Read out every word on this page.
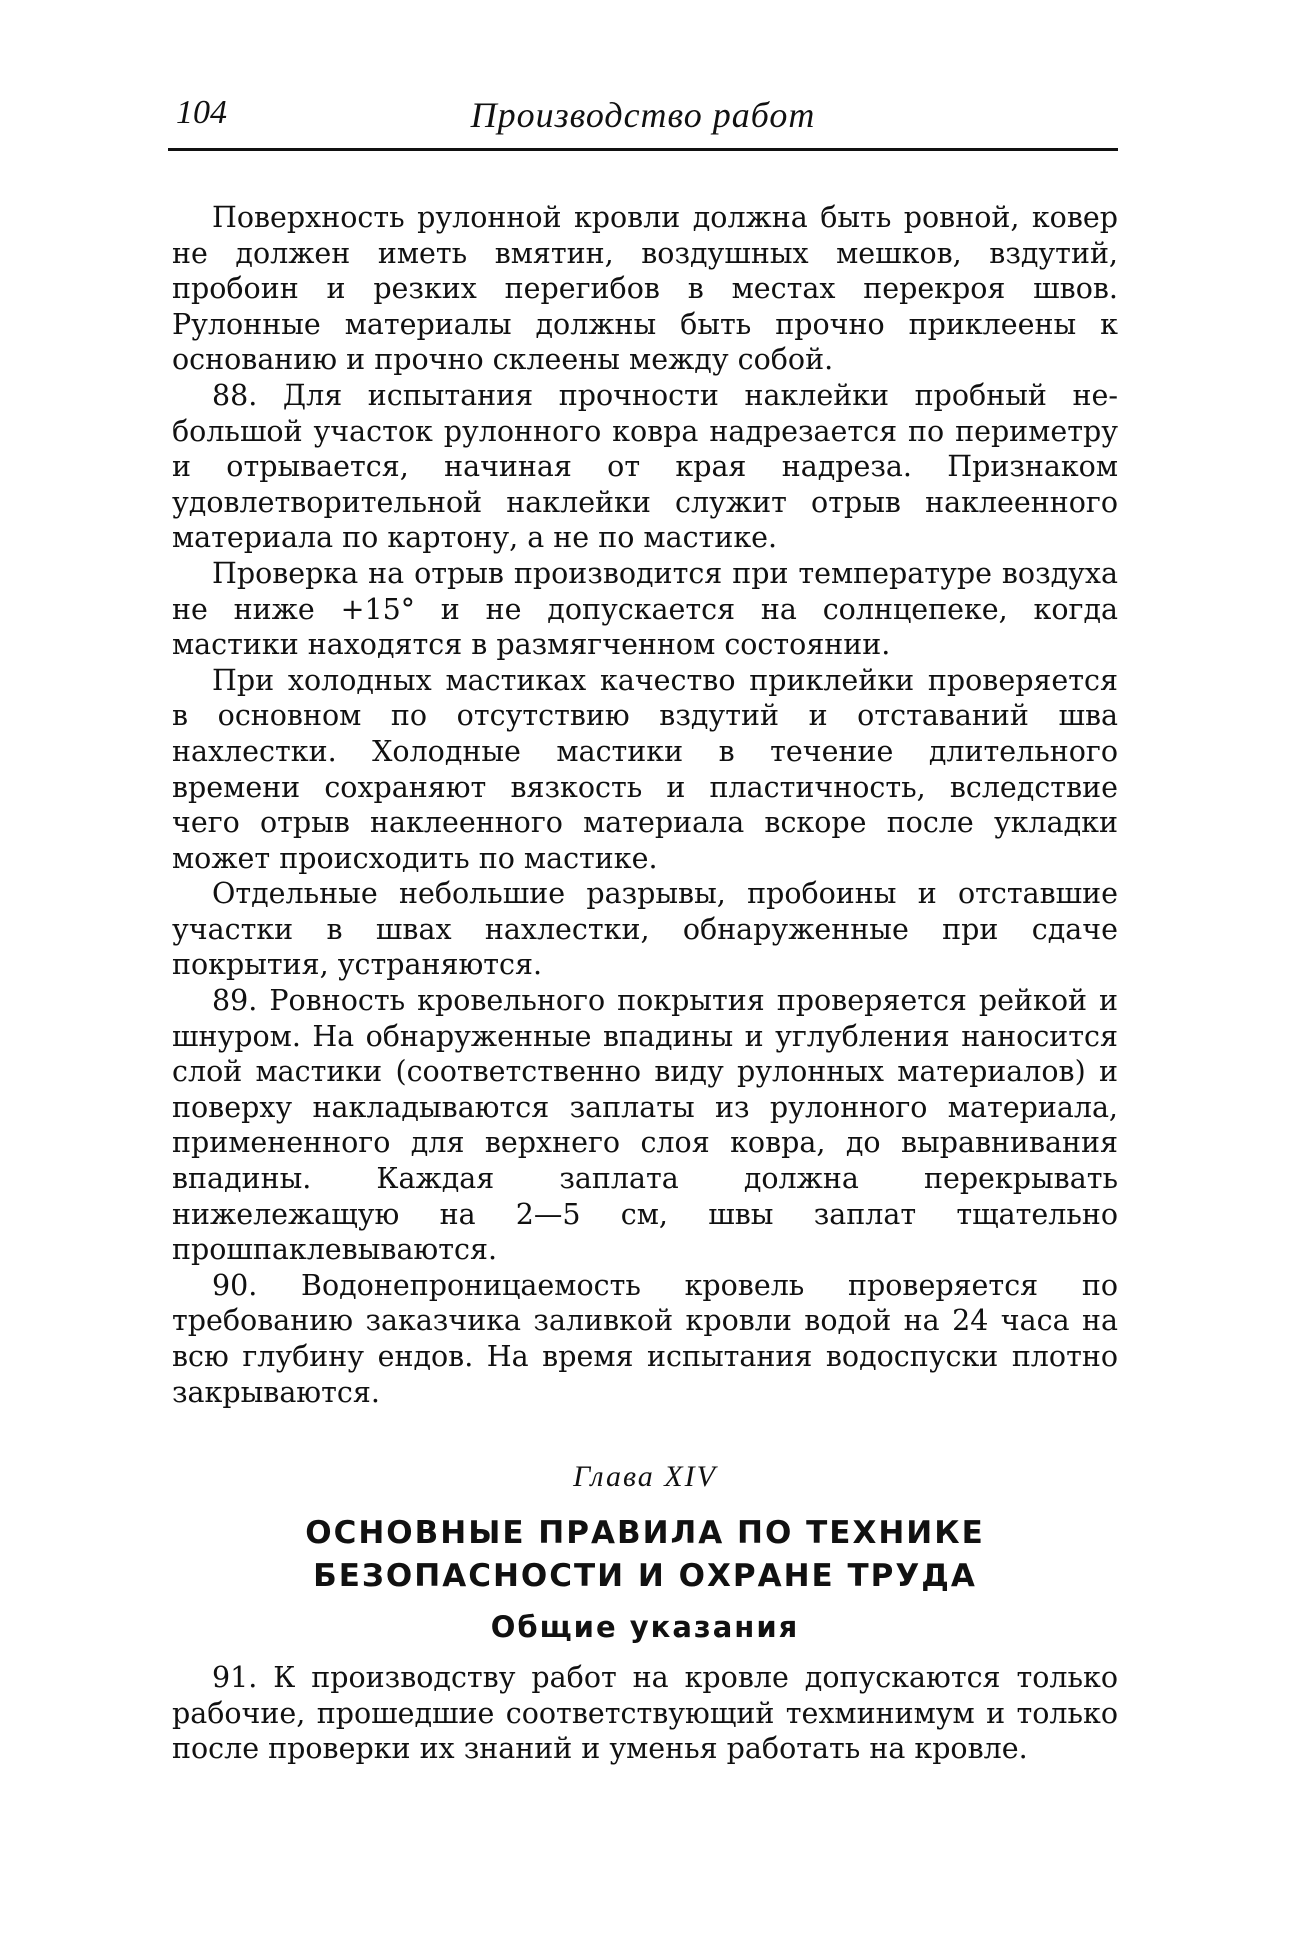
104	Производство работ

Поверхность рулонной кровли должна быть ровной, ковер не должен иметь вмятин, воздушных мешков, вздутий, пробоин и резких перегибов в местах перекроя швов. Рулонные материалы должны быть прочно приклеены к основанию и прочно склеены между собой.

88. Для испытания прочности наклейки пробный небольшой участок рулонного ковра надрезается по периметру и отрывается, начиная от края надреза. Признаком удовлетворительной наклейки служит отрыв наклеенного материала по картону, а не по мастике.

Проверка на отрыв производится при температуре воздуха не ниже +15° и не допускается на солнцепеке, когда мастики находятся в размягченном состоянии.

При холодных мастиках качество приклейки проверяется в основном по отсутствию вздутий и отставаний шва нахлестки. Холодные мастики в течение длительного времени сохраняют вязкость и пластичность, вследствие чего отрыв наклеенного материала вскоре после укладки может происходить по мастике.

Отдельные небольшие разрывы, пробоины и отставшие участки в швах нахлестки, обнаруженные при сдаче покрытия, устраняются.

89. Ровность кровельного покрытия проверяется рейкой и шнуром. На обнаруженные впадины и углубления наносится слой мастики (соответственно виду рулонных материалов) и поверху накладываются заплаты из рулонного материала, примененного для верхнего слоя ковра, до выравнивания впадины. Каждая заплата должна перекрывать нижележащую на 2—5 см, швы заплат тщательно прошпаклевываются.

90. Водонепроницаемость кровель проверяется по требованию заказчика заливкой кровли водой на 24 часа на всю глубину ендов. На время испытания водоспуски плотно закрываются.

Глава XIV
ОСНОВНЫЕ ПРАВИЛА ПО ТЕХНИКЕ
БЕЗОПАСНОСТИ И ОХРАНЕ ТРУДА
Общие указания

91. К производству работ на кровле допускаются только рабочие, прошедшие соответствующий техминимум и только после проверки их знаний и уменья работать на кровле.
